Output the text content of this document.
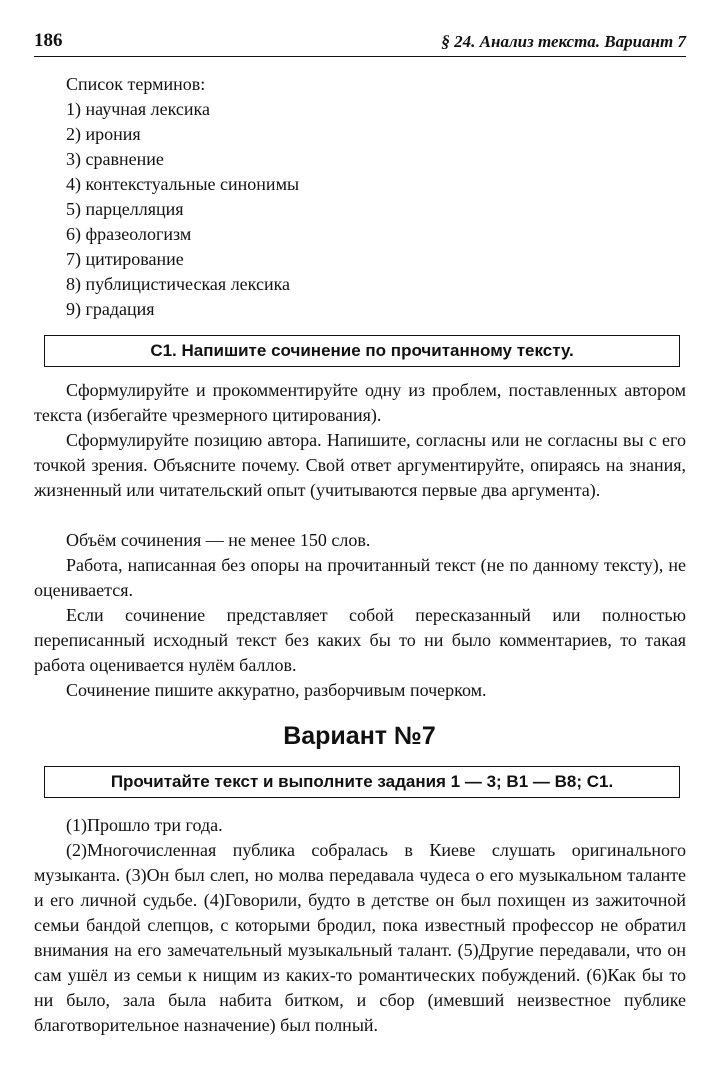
186	§ 24. Анализ текста. Вариант 7
Список терминов:
1) научная лексика
2) ирония
3) сравнение
4) контекстуальные синонимы
5) парцелляция
6) фразеологизм
7) цитирование
8) публицистическая лексика
9) градация
C1. Напишите сочинение по прочитанному тексту.

Сформулируйте и прокомментируйте одну из проблем, поставленных автором текста (избегайте чрезмерного цитирования).

Сформулируйте позицию автора. Напишите, согласны или не согласны вы с его точкой зрения. Объясните почему. Свой ответ аргументируйте, опираясь на знания, жизненный или читательский опыт (учитываются первые два аргумента).

Объём сочинения — не менее 150 слов.

Работа, написанная без опоры на прочитанный текст (не по данному тексту), не оценивается.

Если сочинение представляет собой пересказанный или полностью переписанный исходный текст без каких бы то ни было комментариев, то такая работа оценивается нулём баллов.

Сочинение пишите аккуратно, разборчивым почерком.

Вариант №7
Прочитайте текст и выполните задания 1 — 3; B1 — B8; C1.

(1)Прошло три года.

(2)Многочисленная публика собралась в Киеве слушать оригинального музыканта. (3)Он был слеп, но молва передавала чудеса о его музыкальном таланте и его личной судьбе. (4)Говорили, будто в детстве он был похищен из зажиточной семьи бандой слепцов, с которыми бродил, пока известный профессор не обратил внимания на его замечательный музыкальный талант. (5)Другие передавали, что он сам ушёл из семьи к нищим из каких-то романтических побуждений. (6)Как бы то ни было, зала была набита битком, и сбор (имевший неизвестное публике благотворительное назначение) был полный.
